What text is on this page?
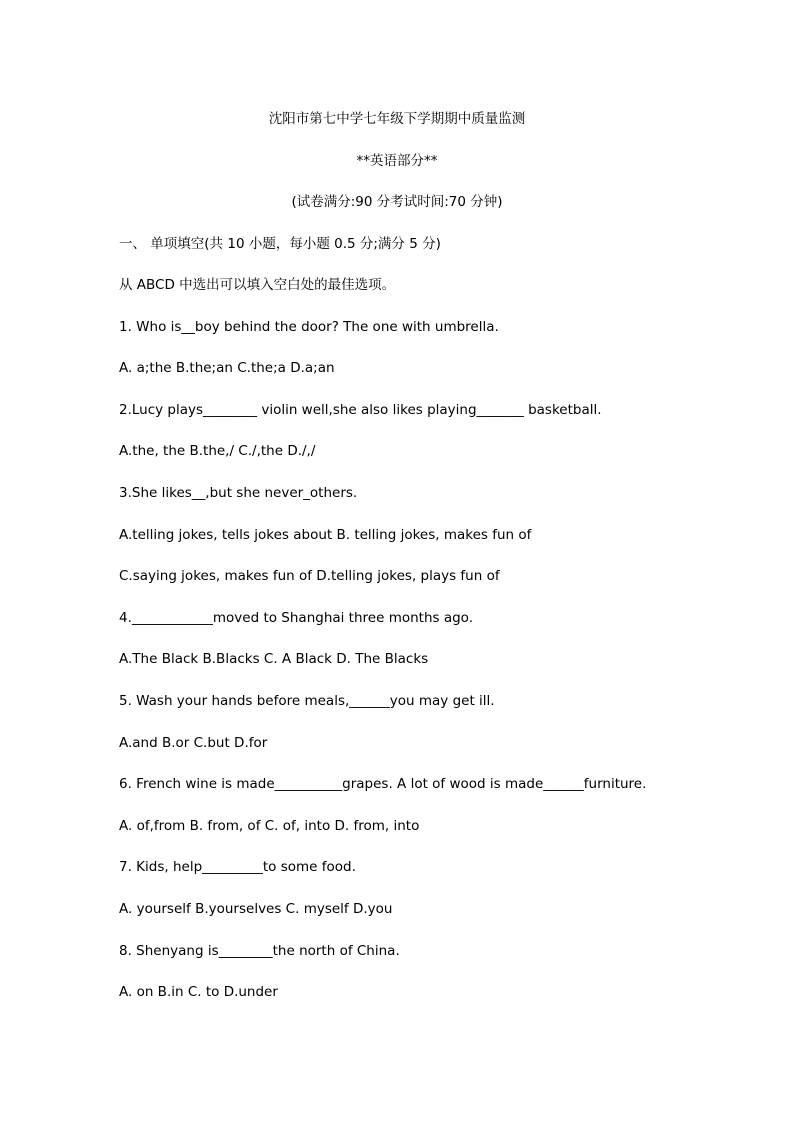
沈阳市第七中学七年级下学期期中质量监测
**英语部分**
(试卷满分:90 分考试时间:70 分钟)
一、 单项填空(共 10 小题，每小题 0.5 分;满分 5 分)
从 ABCD 中选出可以填入空白处的最佳选项。
1. Who is__boy behind the door? The one with umbrella.
A. a;the B.the;an C.the;a D.a;an
2.Lucy plays________ violin well,she also likes playing_______ basketball.
A.the, the B.the,/ C./,the D./,/
3.She likes__,but she never_others.
A.telling jokes, tells jokes about B. telling jokes, makes fun of
C.saying jokes, makes fun of D.telling jokes, plays fun of
4.____________moved to Shanghai three months ago.
A.The Black B.Blacks C. A Black D. The Blacks
5. Wash your hands before meals,______you may get ill.
A.and B.or C.but D.for
6. French wine is made__________grapes. A lot of wood is made______furniture.
A. of,from B. from, of C. of, into D. from, into
7. Kids, help_________to some food.
A. yourself B.yourselves C. myself D.you
8. Shenyang is________the north of China.
A. on B.in C. to D.under
